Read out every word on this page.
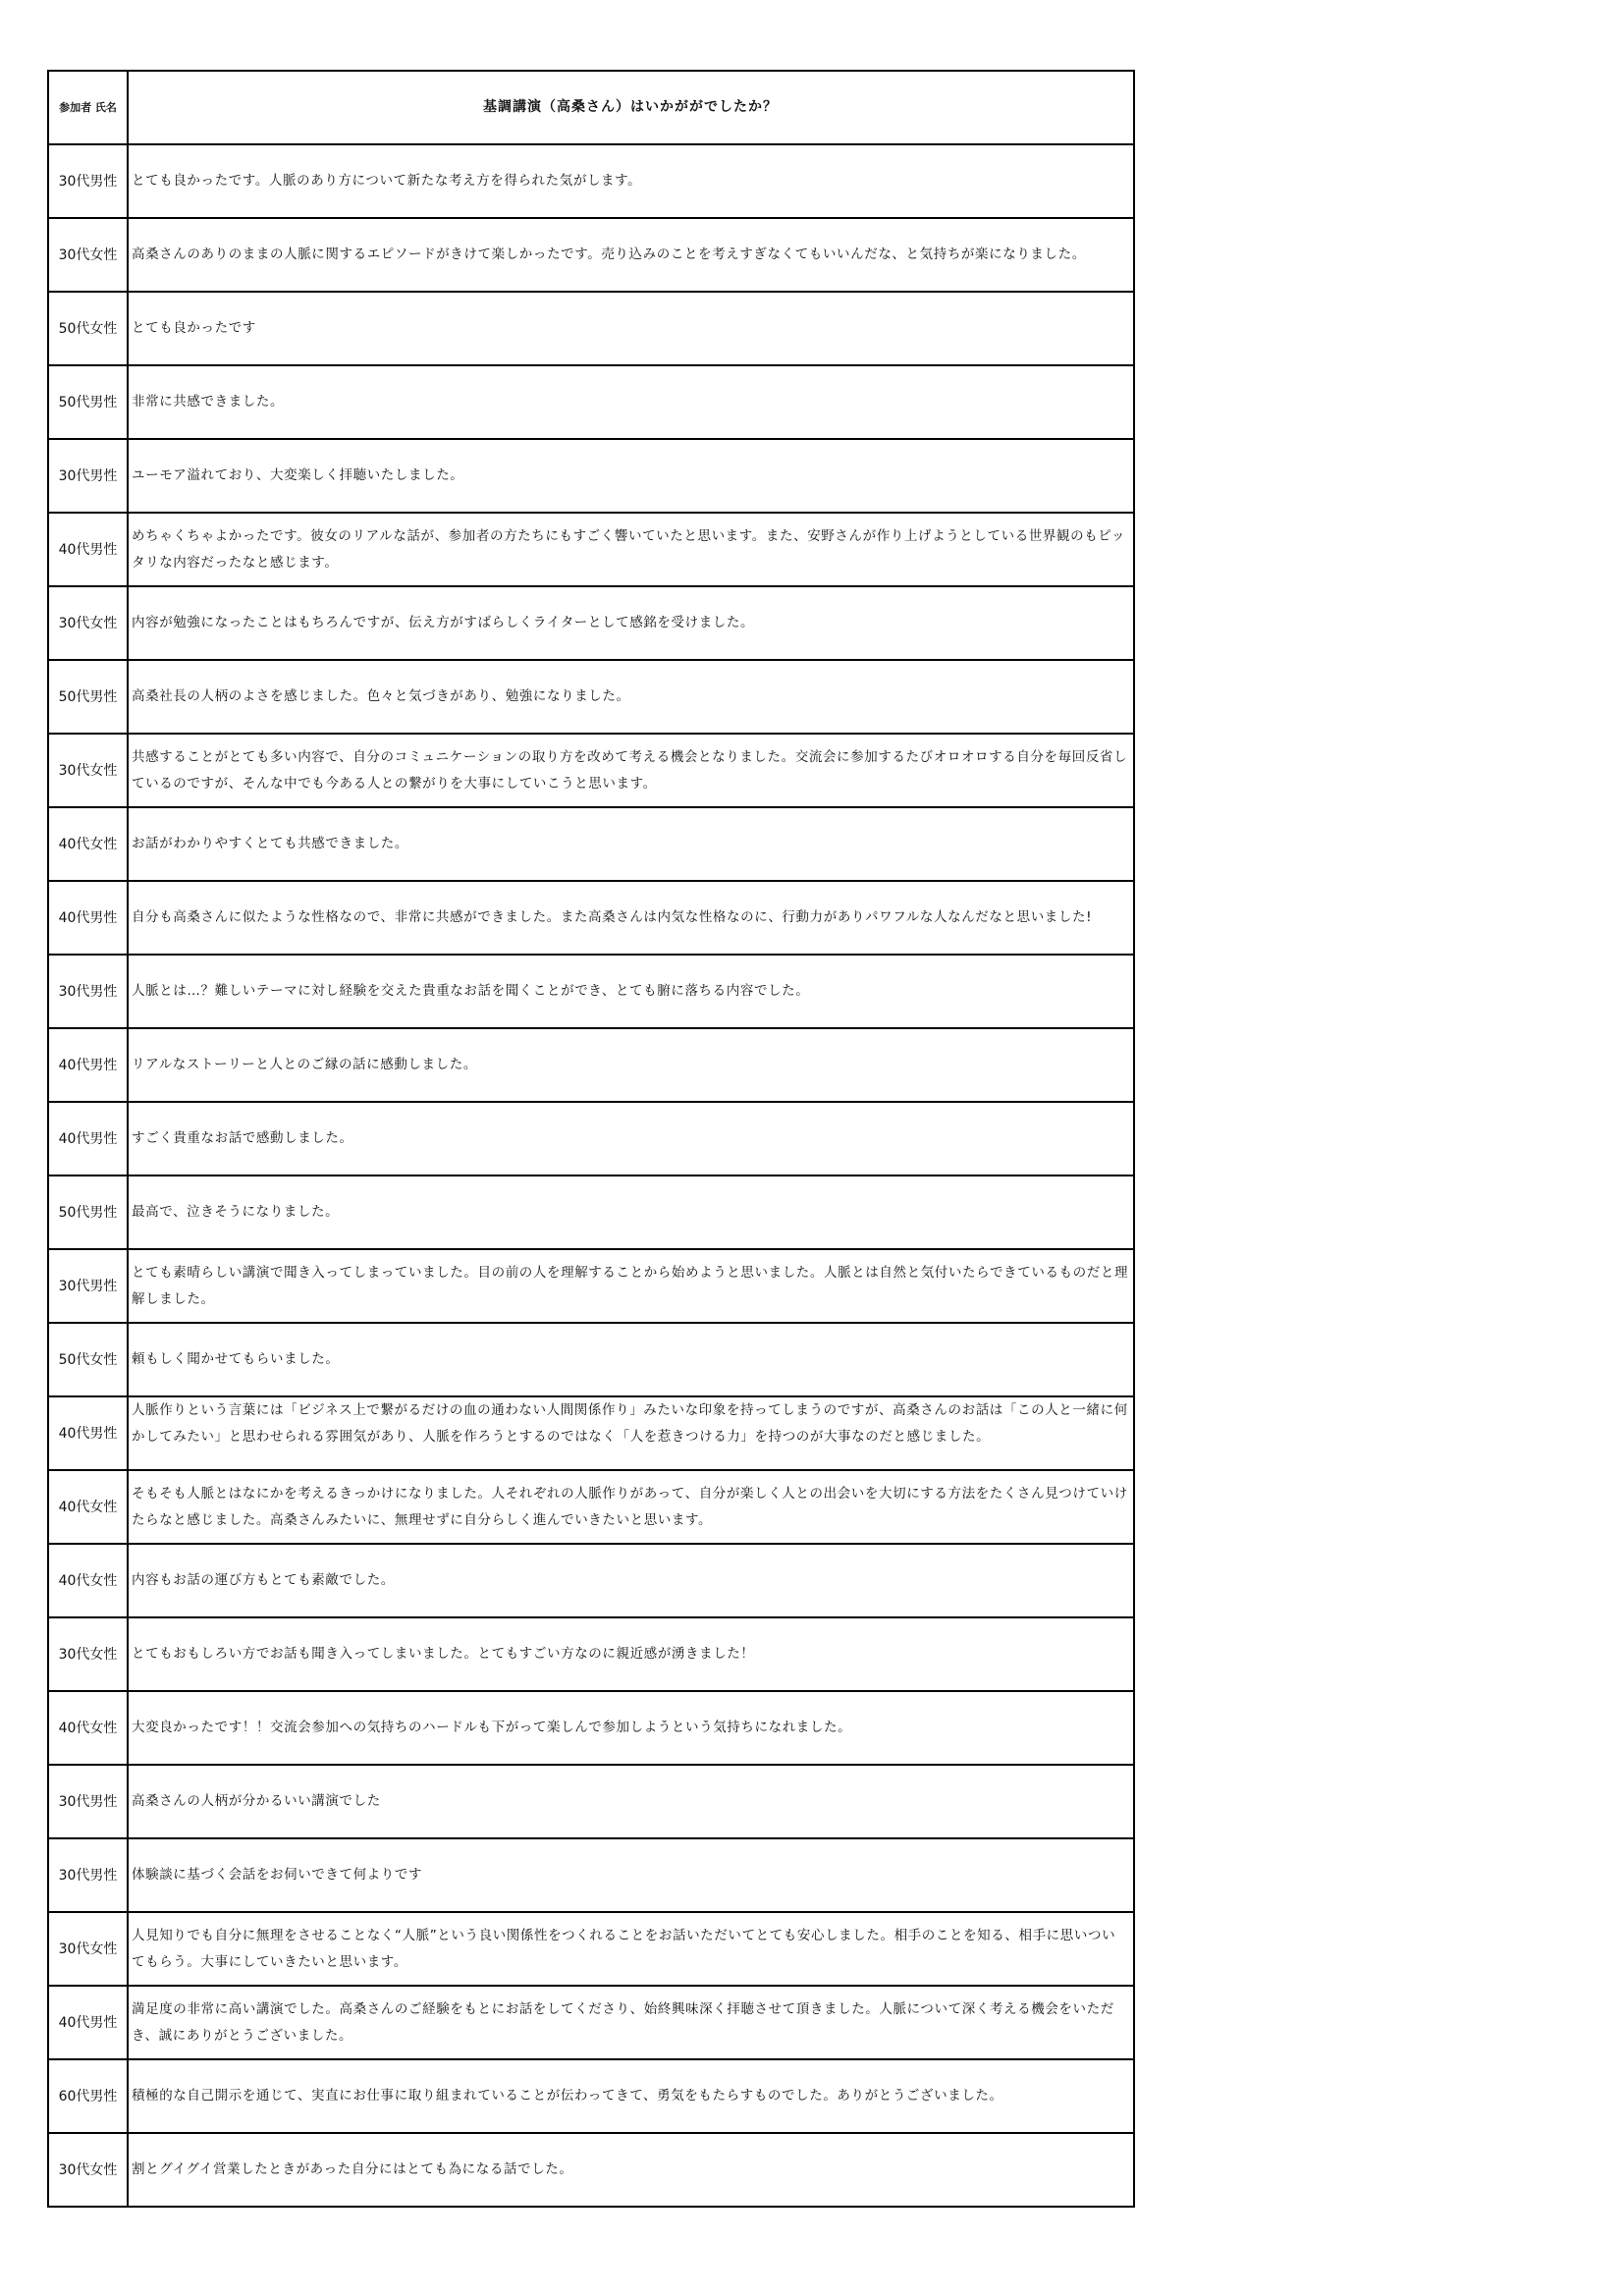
参加者 氏名	基調講演（高桑さん）はいかががでしたか？
30代男性	とても良かったです。人脈のあり方について新たな考え方を得られた気がします。
30代女性	高桑さんのありのままの人脈に関するエピソードがきけて楽しかったです。売り込みのことを考えすぎなくてもいいんだな、と気持ちが楽になりました。
50代女性	とても良かったです
50代男性	非常に共感できました。
30代男性	ユーモア溢れており、大変楽しく拝聴いたしました。
40代男性	めちゃくちゃよかったです。彼女のリアルな話が、参加者の方たちにもすごく響いていたと思います。また、安野さんが作り上げようとしている世界観のもピッタリな内容だったなと感じます。
30代女性	内容が勉強になったことはもちろんですが、伝え方がすばらしくライターとして感銘を受けました。
50代男性	高桑社長の人柄のよさを感じました。色々と気づきがあり、勉強になりました。
30代女性	共感することがとても多い内容で、自分のコミュニケーションの取り方を改めて考える機会となりました。交流会に参加するたびオロオロする自分を毎回反省しているのですが、そんな中でも今ある人との繋がりを大事にしていこうと思います。
40代女性	お話がわかりやすくとても共感できました。
40代男性	自分も高桑さんに似たような性格なので、非常に共感ができました。また高桑さんは内気な性格なのに、行動力がありパワフルな人なんだなと思いました!
30代男性	人脈とは…？難しいテーマに対し経験を交えた貴重なお話を聞くことができ、とても腑に落ちる内容でした。
40代男性	リアルなストーリーと人とのご縁の話に感動しました。
40代男性	すごく貴重なお話で感動しました。
50代男性	最高で、泣きそうになりました。
30代男性	とても素晴らしい講演で聞き入ってしまっていました。目の前の人を理解することから始めようと思いました。人脈とは自然と気付いたらできているものだと理解しました。
50代女性	頼もしく聞かせてもらいました。
40代男性	人脈作りという言葉には「ビジネス上で繋がるだけの血の通わない人間関係作り」みたいな印象を持ってしまうのですが、高桑さんのお話は「この人と一緒に何かしてみたい」と思わせられる雰囲気があり、人脈を作ろうとするのではなく「人を惹きつける力」を持つのが大事なのだと感じました。

40代女性	そもそも人脈とはなにかを考えるきっかけになりました。人それぞれの人脈作りがあって、自分が楽しく人との出会いを大切にする方法をたくさん見つけていけたらなと感じました。高桑さんみたいに、無理せずに自分らしく進んでいきたいと思います。
40代女性	内容もお話の運び方もとても素敵でした。
30代女性	とてもおもしろい方でお話も聞き入ってしまいました。とてもすごい方なのに親近感が湧きました！
40代女性	大変良かったです！！交流会参加への気持ちのハードルも下がって楽しんで参加しようという気持ちになれました。
30代男性	高桑さんの人柄が分かるいい講演でした
30代男性	体験談に基づく会話をお伺いできて何よりです
30代女性	人見知りでも自分に無理をさせることなく“人脈”という良い関係性をつくれることをお話いただいてとても安心しました。相手のことを知る、相手に思いついてもらう。大事にしていきたいと思います。
40代男性	満足度の非常に高い講演でした。高桑さんのご経験をもとにお話をしてくださり、始終興味深く拝聴させて頂きました。人脈について深く考える機会をいただき、誠にありがとうございました。
60代男性	積極的な自己開示を通じて、実直にお仕事に取り組まれていることが伝わってきて、勇気をもたらすものでした。ありがとうございました。
30代女性	割とグイグイ営業したときがあった自分にはとても為になる話でした。
